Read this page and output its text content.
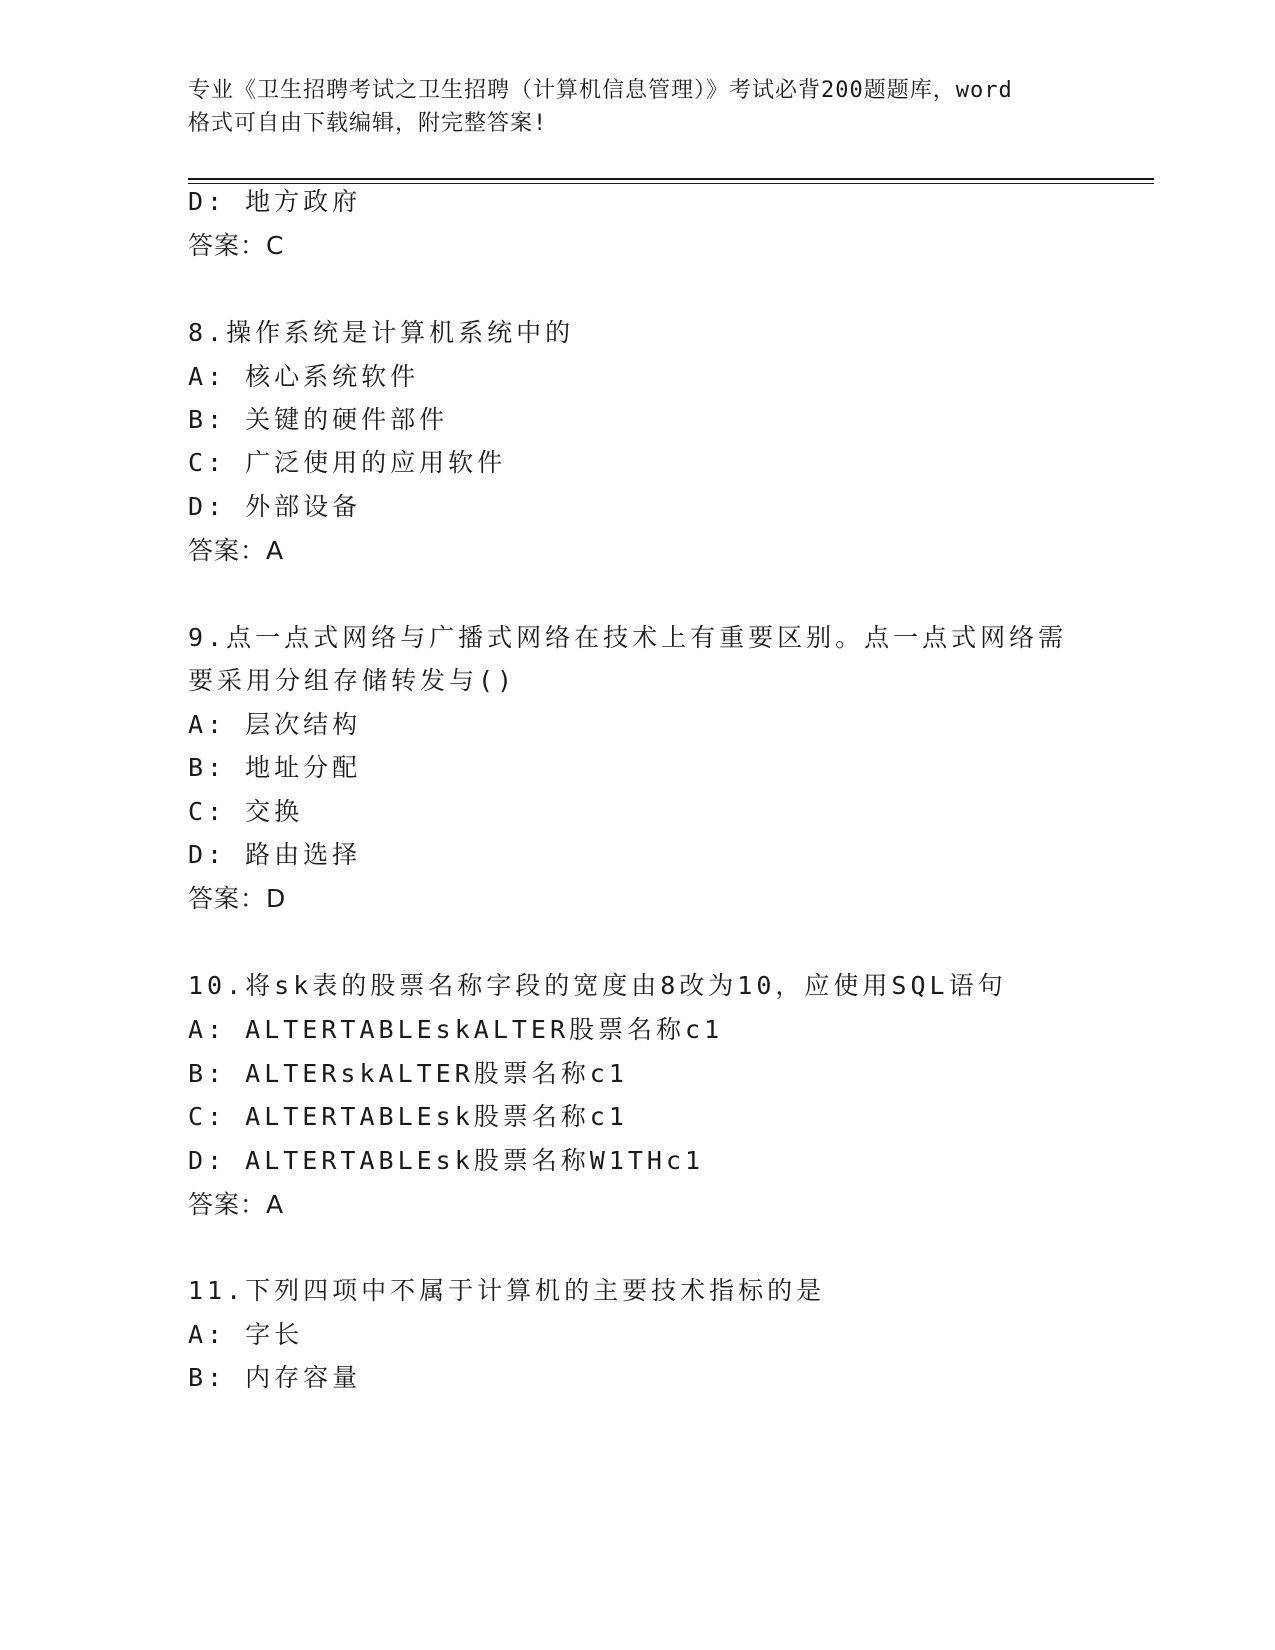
专业《卫生招聘考试之卫生招聘（计算机信息管理）》考试必背200题题库，word
格式可自由下载编辑，附完整答案!
D: 地方政府
答案：C
8.操作系统是计算机系统中的
A: 核心系统软件
B: 关键的硬件部件
C: 广泛使用的应用软件
D: 外部设备
答案：A
9.点一点式网络与广播式网络在技术上有重要区别。点一点式网络需
要采用分组存储转发与()
A: 层次结构
B: 地址分配
C: 交换
D: 路由选择
答案：D
10.将sk表的股票名称字段的宽度由8改为10，应使用SQL语句
A: ALTERTABLEskALTER股票名称c1
B: ALTERskALTER股票名称c1
C: ALTERTABLEsk股票名称c1
D: ALTERTABLEsk股票名称W1THc1
答案：A
11.下列四项中不属于计算机的主要技术指标的是
A: 字长
B: 内存容量
